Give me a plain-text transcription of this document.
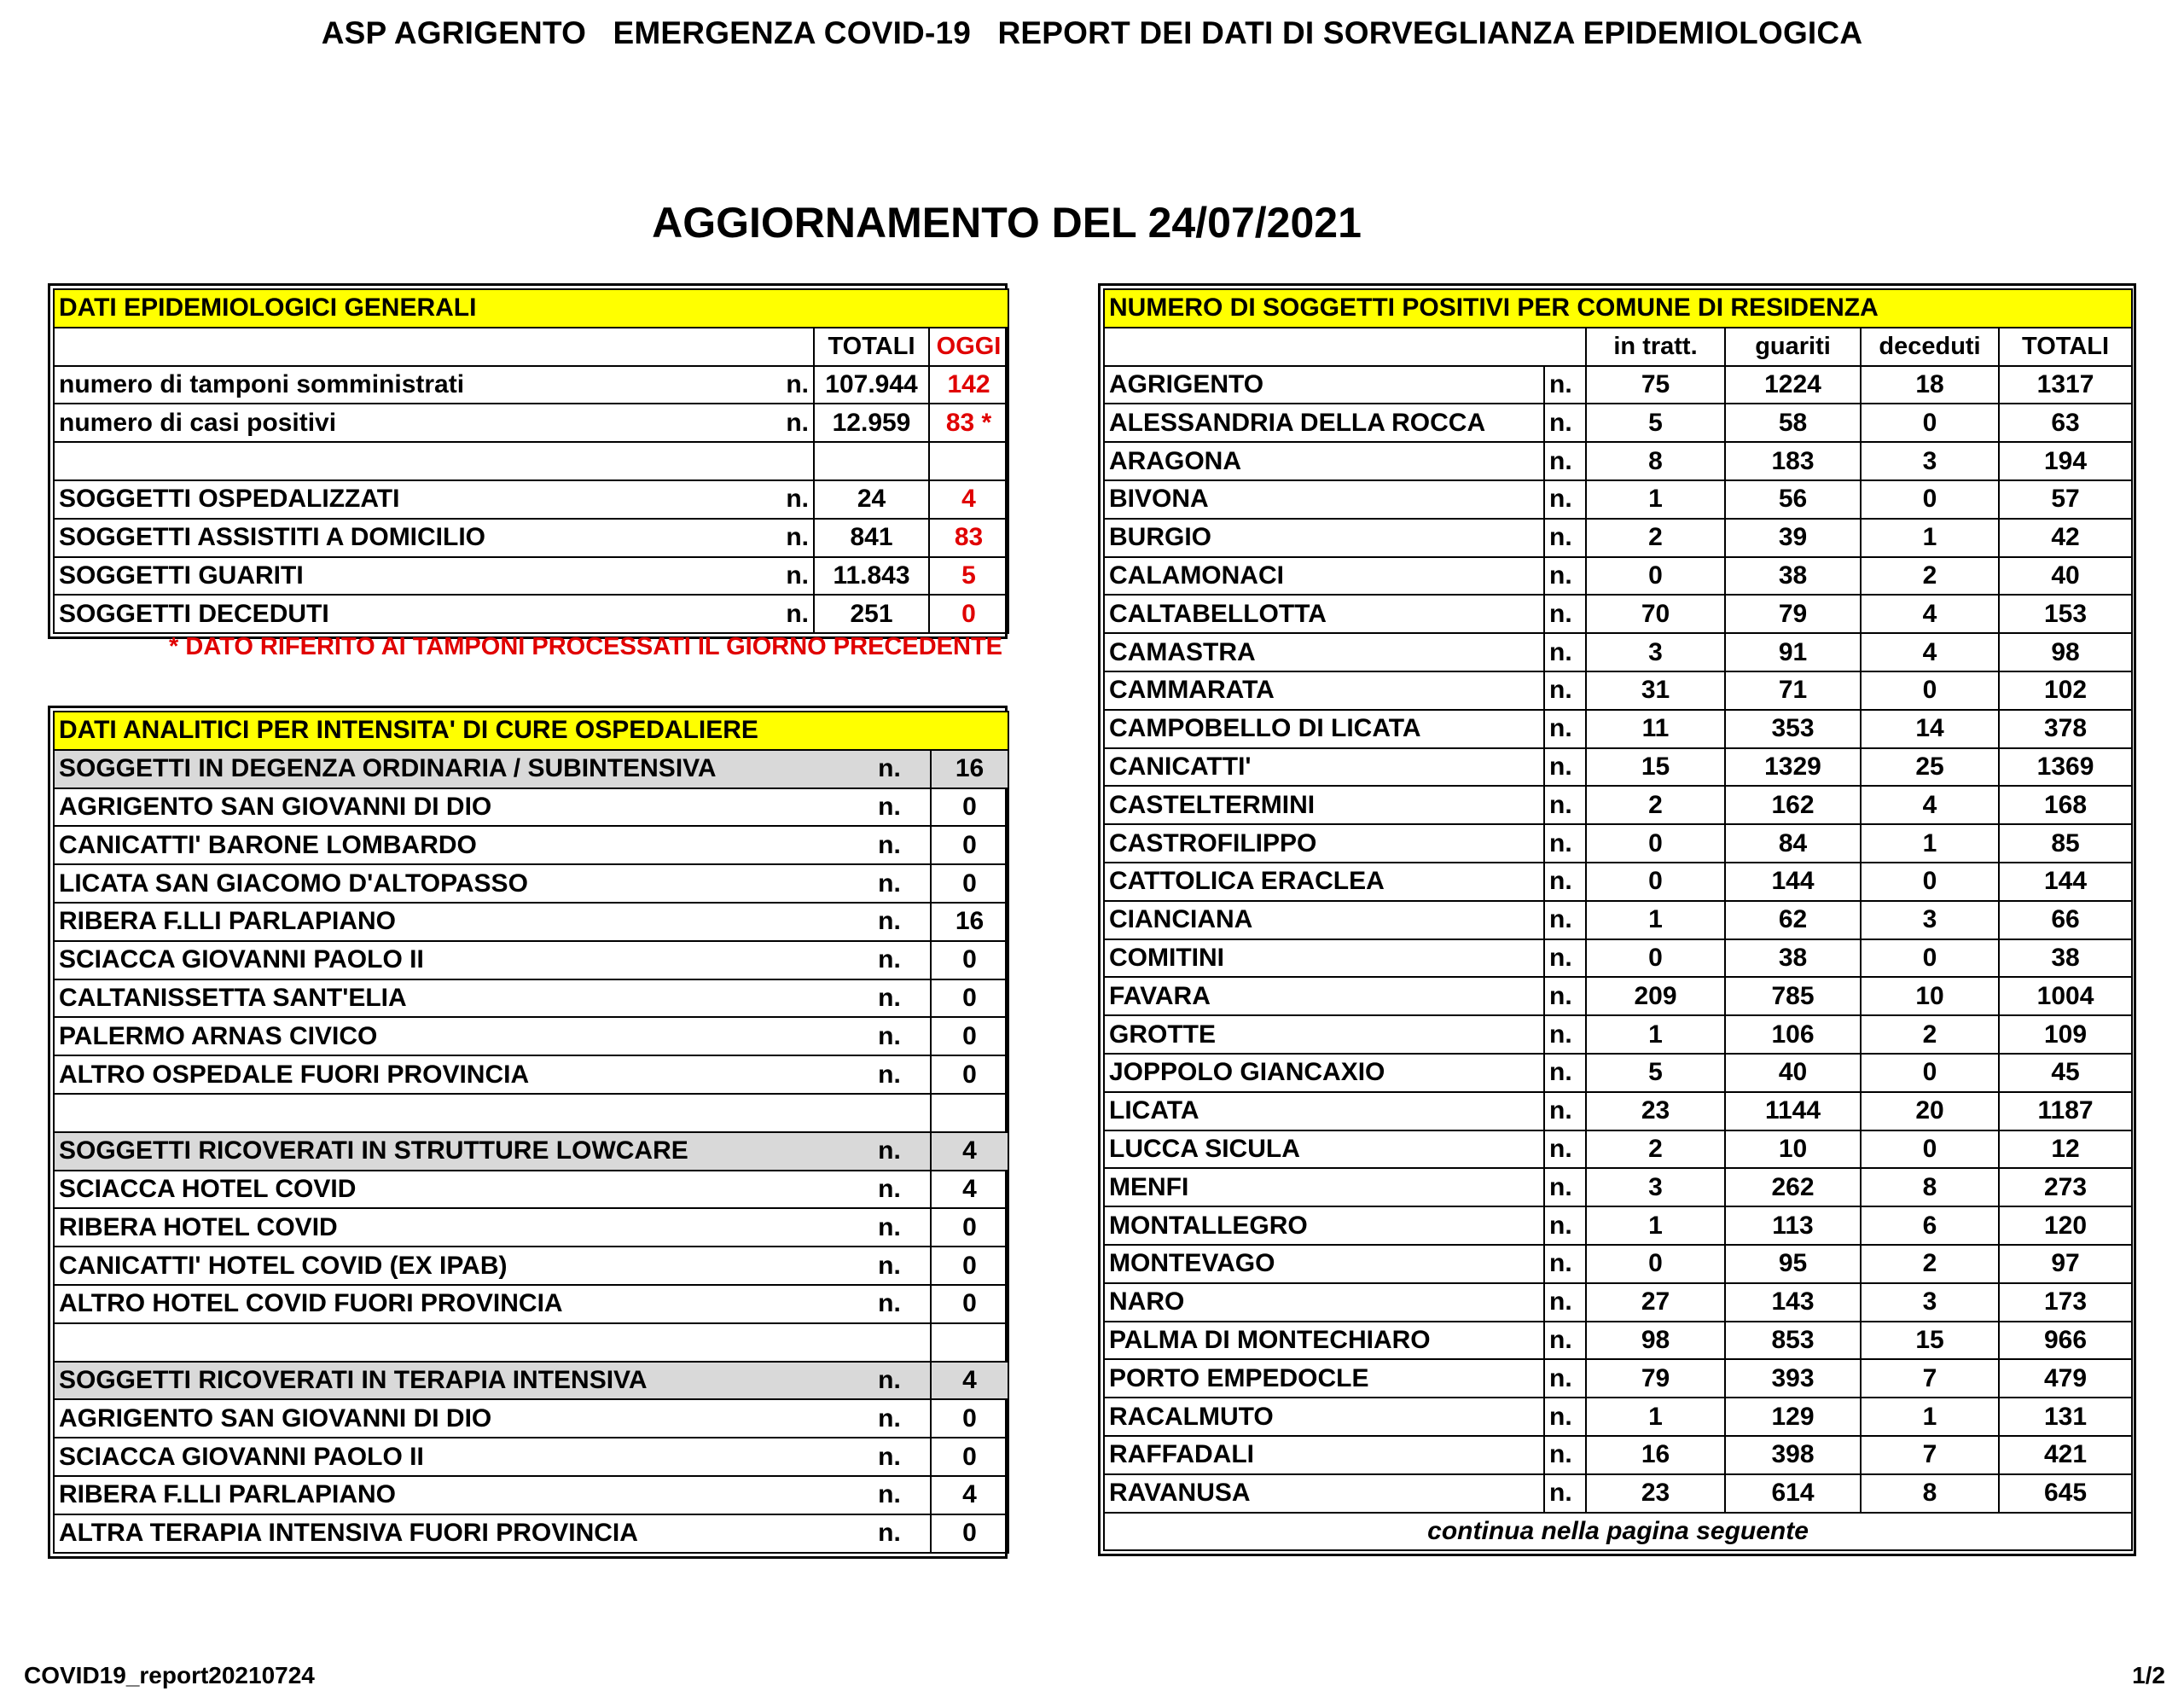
ASP AGRIGENTO   EMERGENZA COVID-19   REPORT DEI DATI DI SORVEGLIANZA EPIDEMIOLOGICA
AGGIORNAMENTO DEL 24/07/2021
DATI EPIDEMIOLOGICI GENERALI			
		TOTALI	OGGI
numero di tamponi somministrati	n.	107.944	142
numero di casi positivi	n.	12.959	83 *

SOGGETTI OSPEDALIZZATI	n.	24	4
SOGGETTI ASSISTITI A DOMICILIO	n.	841	83
SOGGETTI GUARITI	n.	11.843	5
SOGGETTI DECEDUTI	n.	251	0
* DATO RIFERITO AI TAMPONI PROCESSATI IL GIORNO PRECEDENTE
DATI ANALITICI PER INTENSITA' DI CURE OSPEDALIERE		
SOGGETTI IN DEGENZA ORDINARIA / SUBINTENSIVA	n.	16
AGRIGENTO SAN GIOVANNI DI DIO	n.	0
CANICATTI' BARONE LOMBARDO	n.	0
LICATA SAN GIACOMO D'ALTOPASSO	n.	0
RIBERA F.LLI PARLAPIANO	n.	16
SCIACCA GIOVANNI PAOLO II	n.	0
CALTANISSETTA SANT'ELIA	n.	0
PALERMO ARNAS CIVICO	n.	0
ALTRO OSPEDALE FUORI PROVINCIA	n.	0

SOGGETTI RICOVERATI IN STRUTTURE LOWCARE	n.	4
SCIACCA HOTEL COVID	n.	4
RIBERA HOTEL COVID	n.	0
CANICATTI' HOTEL COVID (EX IPAB)	n.	0
ALTRO HOTEL COVID FUORI PROVINCIA	n.	0

SOGGETTI RICOVERATI IN TERAPIA INTENSIVA	n.	4
AGRIGENTO SAN GIOVANNI DI DIO	n.	0
SCIACCA GIOVANNI PAOLO II	n.	0
RIBERA F.LLI PARLAPIANO	n.	4
ALTRA TERAPIA INTENSIVA FUORI PROVINCIA	n.	0
NUMERO DI SOGGETTI POSITIVI PER COMUNE DI RESIDENZA					
		in tratt.	guariti	deceduti	TOTALI
AGRIGENTO	n.	75	1224	18	1317
ALESSANDRIA DELLA ROCCA	n.	5	58	0	63
ARAGONA	n.	8	183	3	194
BIVONA	n.	1	56	0	57
BURGIO	n.	2	39	1	42
CALAMONACI	n.	0	38	2	40
CALTABELLOTTA	n.	70	79	4	153
CAMASTRA	n.	3	91	4	98
CAMMARATA	n.	31	71	0	102
CAMPOBELLO DI LICATA	n.	11	353	14	378
CANICATTI'	n.	15	1329	25	1369
CASTELTERMINI	n.	2	162	4	168
CASTROFILIPPO	n.	0	84	1	85
CATTOLICA ERACLEA	n.	0	144	0	144
CIANCIANA	n.	1	62	3	66
COMITINI	n.	0	38	0	38
FAVARA	n.	209	785	10	1004
GROTTE	n.	1	106	2	109
JOPPOLO GIANCAXIO	n.	5	40	0	45
LICATA	n.	23	1144	20	1187
LUCCA SICULA	n.	2	10	0	12
MENFI	n.	3	262	8	273
MONTALLEGRO	n.	1	113	6	120
MONTEVAGO	n.	0	95	2	97
NARO	n.	27	143	3	173
PALMA DI MONTECHIARO	n.	98	853	15	966
PORTO EMPEDOCLE	n.	79	393	7	479
RACALMUTO	n.	1	129	1	131
RAFFADALI	n.	16	398	7	421
RAVANUSA	n.	23	614	8	645
continua nella pagina seguente					
COVID19_report20210724	1/2
